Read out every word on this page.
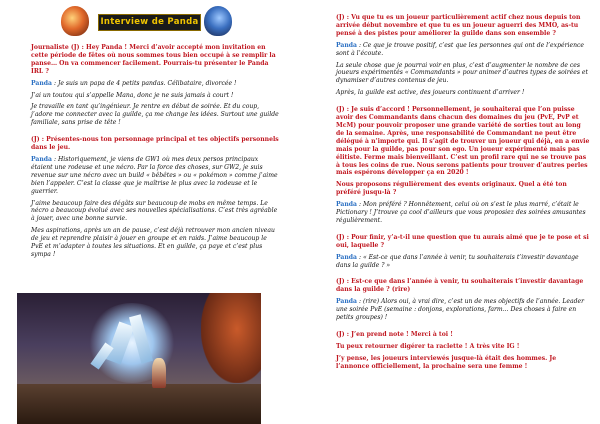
Interview de Panda

Journaliste (J) : Hey Panda ! Merci d’avoir accepté mon invitation en cette période de fêtes où nous sommes tous bien occupé à se remplir la panse… On va commencer facilement. Pourrais-tu présenter le Panda IRL ?

Panda : Je suis un papa de 4 petits pandas. Célibataire, divorcée !

J’ai un toutou qui s’appelle Mana, donc je ne suis jamais à court !

Je travaille en tant qu’ingénieur. Je rentre en début de soirée. Et du coup, j’adore me connecter avec la guilde, ça me change les idées. Surtout une guilde familiale, sans prise de tête !

(J) : Présentes-nous ton personnage principal et tes objectifs personnels dans le jeu.

Panda : Historiquement, je viens de GW1 où mes deux persos principaux étaient une rodeuse et une nécro. Par la force des choses, sur GW2, je suis revenue sur une nécro avec un build « bêbêtes » ou « pokémon » comme j’aime bien l’appeler. C’est la classe que je maîtrise le plus avec la rodeuse et le guerrier.

J’aime beaucoup faire des dégâts sur beaucoup de mobs en même temps. Le nécro a beaucoup évolué avec ses nouvelles spécialisations. C’est très agréable à jouer, avec une bonne survie.

Mes aspirations, après un an de pause, c’est déjà retrouver mon ancien niveau de jeu et reprendre plaisir à jouer en groupe et en raids. J’aime beaucoup le PvE et m’adapter à toutes les situations. Et en guilde, ça paye et c’est plus sympa !

(J) : Vu que tu es un joueur particulièrement actif chez nous depuis ton arrivée début novembre et que tu es un joueur aguerri des MMO, as-tu pensé à des pistes pour améliorer la guilde dans son ensemble ?

Panda : Ce que je trouve positif, c’est que les personnes qui ont de l’expérience sont à l’écoute.

La seule chose que je pourrai voir en plus, c’est d’augmenter le nombre de ces joueurs expérimentés « Commandants » pour animer d’autres types de soirées et dynamiser d’autres contenus de jeu.

Après, la guilde est active, des joueurs continuent d’arriver !

(J) : Je suis d’accord ! Personnellement, je souhaiterai que l’on puisse avoir des Commandants dans chacun des domaines du jeu (PvE, PvP et McM) pour pouvoir proposer une grande variété de sorties tout au long de la semaine. Après, une responsabilité de Commandant ne peut être délégué à n’importe qui. Il s’agit de trouver un joueur qui déjà, en a envie mais pour la guilde, pas pour son ego. Un joueur expérimenté mais pas élitiste. Ferme mais bienveillant. C’est un profil rare qui ne se trouve pas à tous les coins de rue. Nous serons patients pour trouver d’autres perles mais espérons développer ça en 2020 !

Nous proposons régulièrement des events originaux. Quel a été ton préféré jusqu-là ?

Panda : Mon préféré ? Honnêtement, celui où on s’est le plus marré, c’était le Pictionary ! J’trouve ça cool d’ailleurs que vous proposiez des soirées amusantes régulièrement.

(J) : Pour finir, y’a-t-il une question que tu aurais aimé que je te pose et si oui, laquelle ?

Panda : « Est-ce que dans l’année à venir, tu souhaiterais t’investir davantage dans la guilde ? »

(J) : Est-ce que dans l’année à venir, tu souhaiterais t’investir davantage dans la guilde ? (rire)

Panda : (rire) Alors oui, à vrai dire, c’est un de mes objectifs de l’année. Leader une soirée PvE (semaine : donjons, explorations, farm... Des choses à faire en petits groupes) !

(J) : J’en prend note ! Merci à toi !

Tu peux retourner digérer ta raclette ! A très vite IG !

J’y pense, les joueurs interviewés jusque-là était des hommes. Je l’annonce officiellement, la prochaine sera une femme !
